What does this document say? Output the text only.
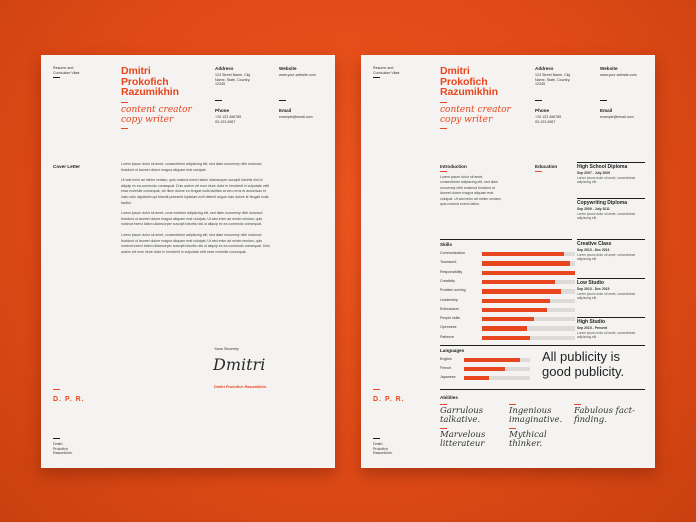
Resume and
Curriculum Vitae	Dmitri
Prokofich
Razumikhin
content creator
copy writer
Address
123 Street Name, City
Name, State, Country,
12345
Website
www.your-website.com
Phone
+20 123 456789
00-123-4567
Email
example@email.com
Cover Letter	Lorem ipsum dolor sit amet, consectetuer adipiscing elit, sed diam nonummy nibh euismod tincidunt ut laoreet dolore magna aliquam erat volutpat.

Ut wisi enim ad minim veniam, quis nostrud exerci tation ullamcorper suscipit lobortis nisl ut aliquip ex ea commodo consequat. Duis autem vel eum iriure dolor in hendrerit in vulputate velit esse molestie consequat, vel illum dolore eu feugiat nulla facilisis at vero eros et accumsan et iusto odio dignissim qui blandit praesent luptatum zzril delenit augue duis dolore te feugait nulla facilisi.

Lorem ipsum dolor sit amet, cons ectetuer adipiscing elit, sed diam nonummy nibh euismod tincidunt ut laoreet dolore magna aliquam erat volutpat. Ut wisi enim ad minim veniam, quis nostrud exerci tation ullamcorper suscipit lobortis nisl ut aliquip ex ea commodo consequat.

Lorem ipsum dolor sit amet, consectetuer adipiscing elit, sed diam nonummy nibh euismod tincidunt ut laoreet dolore magna aliquam erat volutpat. Ut wisi enim ad minim veniam, quis nostrud exerci tation ullamcorper suscipit lobortis nisl ut aliquip ex ea commodo consequat. Duis autem vel eum iriure dolor in hendrerit in vulputate velit esse molestie consequat.

Yours Sincerely
Dmitri
Dmitri Prokofich Razumikhin.
D. P. R.
Dmitri
Prokofich
Razumikhin.
Resume and
Curriculum Vitae	Dmitri
Prokofich
Razumikhin
content creator
copy writer
Address
123 Street Name, City
Name, State, Country,
12345
Website
www.your-website.com
Phone
+20 123 456789
00-123-4567
Email
example@email.com
Introduction
Lorem ipsum dolor sit amet, consectetuer adipiscing elit, sed diam nonummy nibh euismod tincidunt ut laoreet dolore magna aliquam erat volutpat. Ut wisi enim ad minim veniam, quis nostrud exerci tation.
Education
Skills
Communication
Teamwork
Responsibility
Creativity
Problem solving
Leadership
Enthusiasm
People skills
Openness
Patience
Languages
English
French
Japanese
All publicity is
good publicity.
Abilities
Garrulous talkative.
Ingenious imaginative.
Fabulous fact-finding.
Marvelous litterateur
Mythical thinker.
D. P. R.
Dmitri
Prokofich
Razumikhin.
High School Diploma
Sep 2007 - July 2009
Lorem ipsum dolor sit amet, consectetuer adipiscing elit.
Copywriting Diploma
Sep 2009 - July 2011
Lorem ipsum dolor sit amet, consectetuer adipiscing elit.
Creative Class
Sep 2013 - Dec 2013
Lorem ipsum dolor sit amet, consectetuer adipiscing elit.
Low Studio
Sep 2013 - Dec 2015
Lorem ipsum dolor sit amet, consectetuer adipiscing elit.
High Studio
Sep 2015 - Present
Lorem ipsum dolor sit amet, consectetuer adipiscing elit.
